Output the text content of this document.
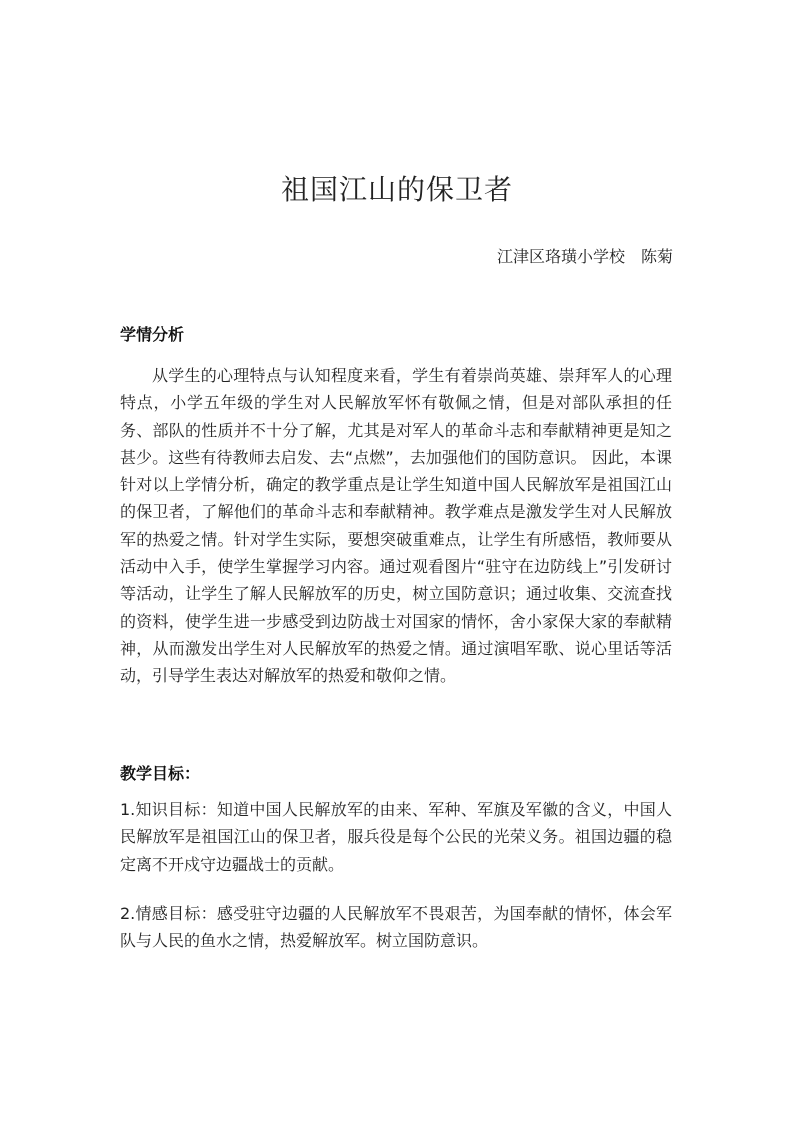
祖国江山的保卫者
江津区珞璜小学校　陈菊
学情分析
从学生的心理特点与认知程度来看，学生有着崇尚英雄、崇拜军人的心理特点，小学五年级的学生对人民解放军怀有敬佩之情，但是对部队承担的任务、部队的性质并不十分了解，尤其是对军人的革命斗志和奉献精神更是知之甚少。这些有待教师去启发、去“点燃”，去加强他们的国防意识。 因此，本课针对以上学情分析，确定的教学重点是让学生知道中国人民解放军是祖国江山的保卫者，了解他们的革命斗志和奉献精神。教学难点是激发学生对人民解放军的热爱之情。针对学生实际，要想突破重难点，让学生有所感悟，教师要从活动中入手，使学生掌握学习内容。通过观看图片“驻守在边防线上”引发研讨等活动，让学生了解人民解放军的历史，树立国防意识；通过收集、交流查找的资料，使学生进一步感受到边防战士对国家的情怀，舍小家保大家的奉献精神，从而激发出学生对人民解放军的热爱之情。通过演唱军歌、说心里话等活动，引导学生表达对解放军的热爱和敬仰之情。
教学目标：
1.知识目标：知道中国人民解放军的由来、军种、军旗及军徽的含义，中国人民解放军是祖国江山的保卫者，服兵役是每个公民的光荣义务。祖国边疆的稳定离不开戍守边疆战士的贡献。
2.情感目标：感受驻守边疆的人民解放军不畏艰苦，为国奉献的情怀，体会军队与人民的鱼水之情，热爱解放军。树立国防意识。
